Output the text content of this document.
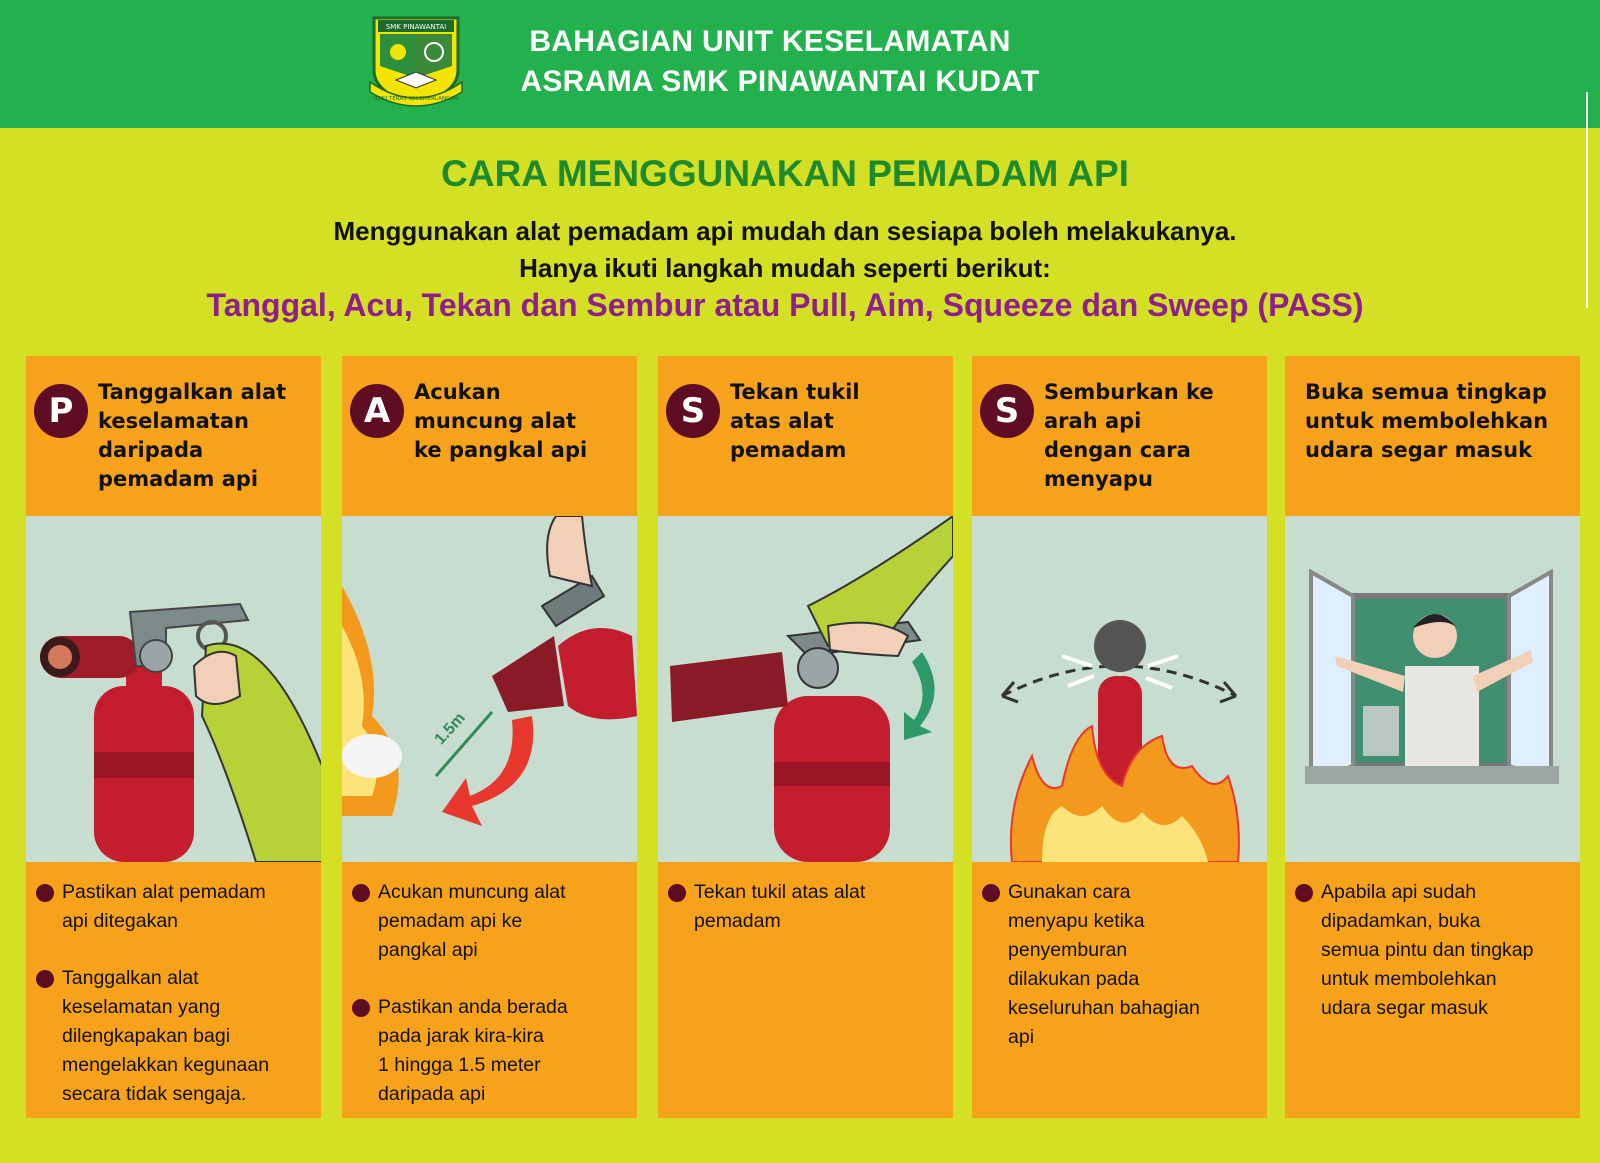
SMK PINAWANTAI
ILMU TERAS KECEMERLANGAN
BAHAGIAN UNIT KESELAMATAN
ASRAMA SMK PINAWANTAI KUDAT
CARA MENGGUNAKAN PEMADAM API
Menggunakan alat pemadam api mudah dan sesiapa boleh melakukanya.
Hanya ikuti langkah mudah seperti berikut:
Tanggal, Acu, Tekan dan Sembur atau Pull, Aim, Squeeze dan Sweep (PASS)
P	Tanggalkan alat
keselamatan
daripada
pemadam api
Pastikan alat pemadam
api ditegakan
Tanggalkan alat
keselamatan yang
dilengkapakan bagi
mengelakkan kegunaan
secara tidak sengaja.
A	Acukan
muncung alat
ke pangkal api
1.5m
Acukan muncung alat
pemadam api ke
pangkal api
Pastikan anda berada
pada jarak kira-kira
1 hingga 1.5 meter
daripada api
S	Tekan tukil
atas alat
pemadam
Tekan tukil atas alat
pemadam
S	Semburkan ke
arah api
dengan cara
menyapu
Gunakan cara
menyapu ketika
penyemburan
dilakukan pada
keseluruhan bahagian
api
Buka semua tingkap
untuk membolehkan
udara segar masuk
Apabila api sudah
dipadamkan, buka
semua pintu dan tingkap
untuk membolehkan
udara segar masuk
